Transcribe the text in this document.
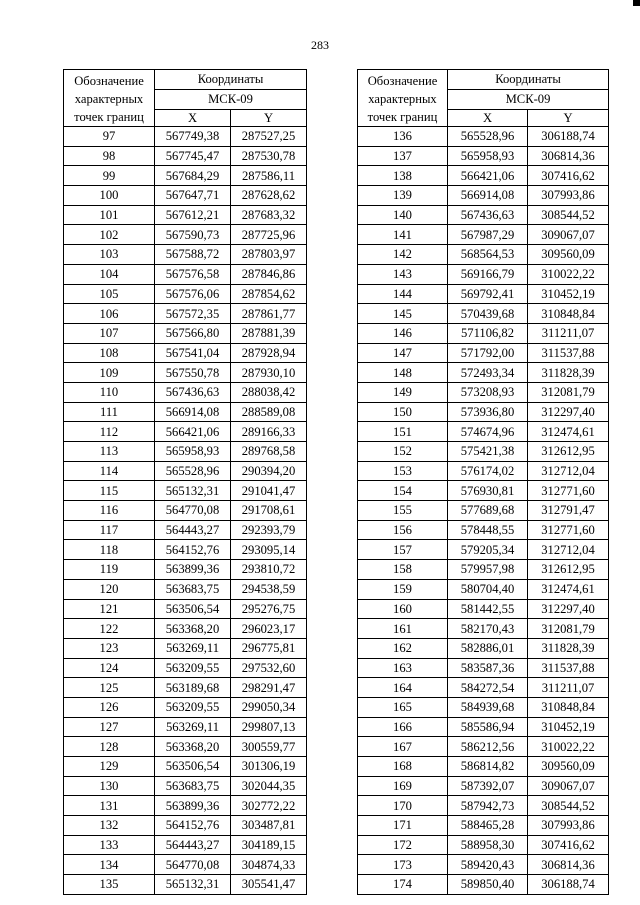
283
Обозначение
характерных
точек границ	Координаты	
	МСК-09	
	X	Y
97	567749,38	287527,25
98	567745,47	287530,78
99	567684,29	287586,11
100	567647,71	287628,62
101	567612,21	287683,32
102	567590,73	287725,96
103	567588,72	287803,97
104	567576,58	287846,86
105	567576,06	287854,62
106	567572,35	287861,77
107	567566,80	287881,39
108	567541,04	287928,94
109	567550,78	287930,10
110	567436,63	288038,42
111	566914,08	288589,08
112	566421,06	289166,33
113	565958,93	289768,58
114	565528,96	290394,20
115	565132,31	291041,47
116	564770,08	291708,61
117	564443,27	292393,79
118	564152,76	293095,14
119	563899,36	293810,72
120	563683,75	294538,59
121	563506,54	295276,75
122	563368,20	296023,17
123	563269,11	296775,81
124	563209,55	297532,60
125	563189,68	298291,47
126	563209,55	299050,34
127	563269,11	299807,13
128	563368,20	300559,77
129	563506,54	301306,19
130	563683,75	302044,35
131	563899,36	302772,22
132	564152,76	303487,81
133	564443,27	304189,15
134	564770,08	304874,33
135	565132,31	305541,47
Обозначение
характерных
точек границ	Координаты	
	МСК-09	
	X	Y
136	565528,96	306188,74
137	565958,93	306814,36
138	566421,06	307416,62
139	566914,08	307993,86
140	567436,63	308544,52
141	567987,29	309067,07
142	568564,53	309560,09
143	569166,79	310022,22
144	569792,41	310452,19
145	570439,68	310848,84
146	571106,82	311211,07
147	571792,00	311537,88
148	572493,34	311828,39
149	573208,93	312081,79
150	573936,80	312297,40
151	574674,96	312474,61
152	575421,38	312612,95
153	576174,02	312712,04
154	576930,81	312771,60
155	577689,68	312791,47
156	578448,55	312771,60
157	579205,34	312712,04
158	579957,98	312612,95
159	580704,40	312474,61
160	581442,55	312297,40
161	582170,43	312081,79
162	582886,01	311828,39
163	583587,36	311537,88
164	584272,54	311211,07
165	584939,68	310848,84
166	585586,94	310452,19
167	586212,56	310022,22
168	586814,82	309560,09
169	587392,07	309067,07
170	587942,73	308544,52
171	588465,28	307993,86
172	588958,30	307416,62
173	589420,43	306814,36
174	589850,40	306188,74
